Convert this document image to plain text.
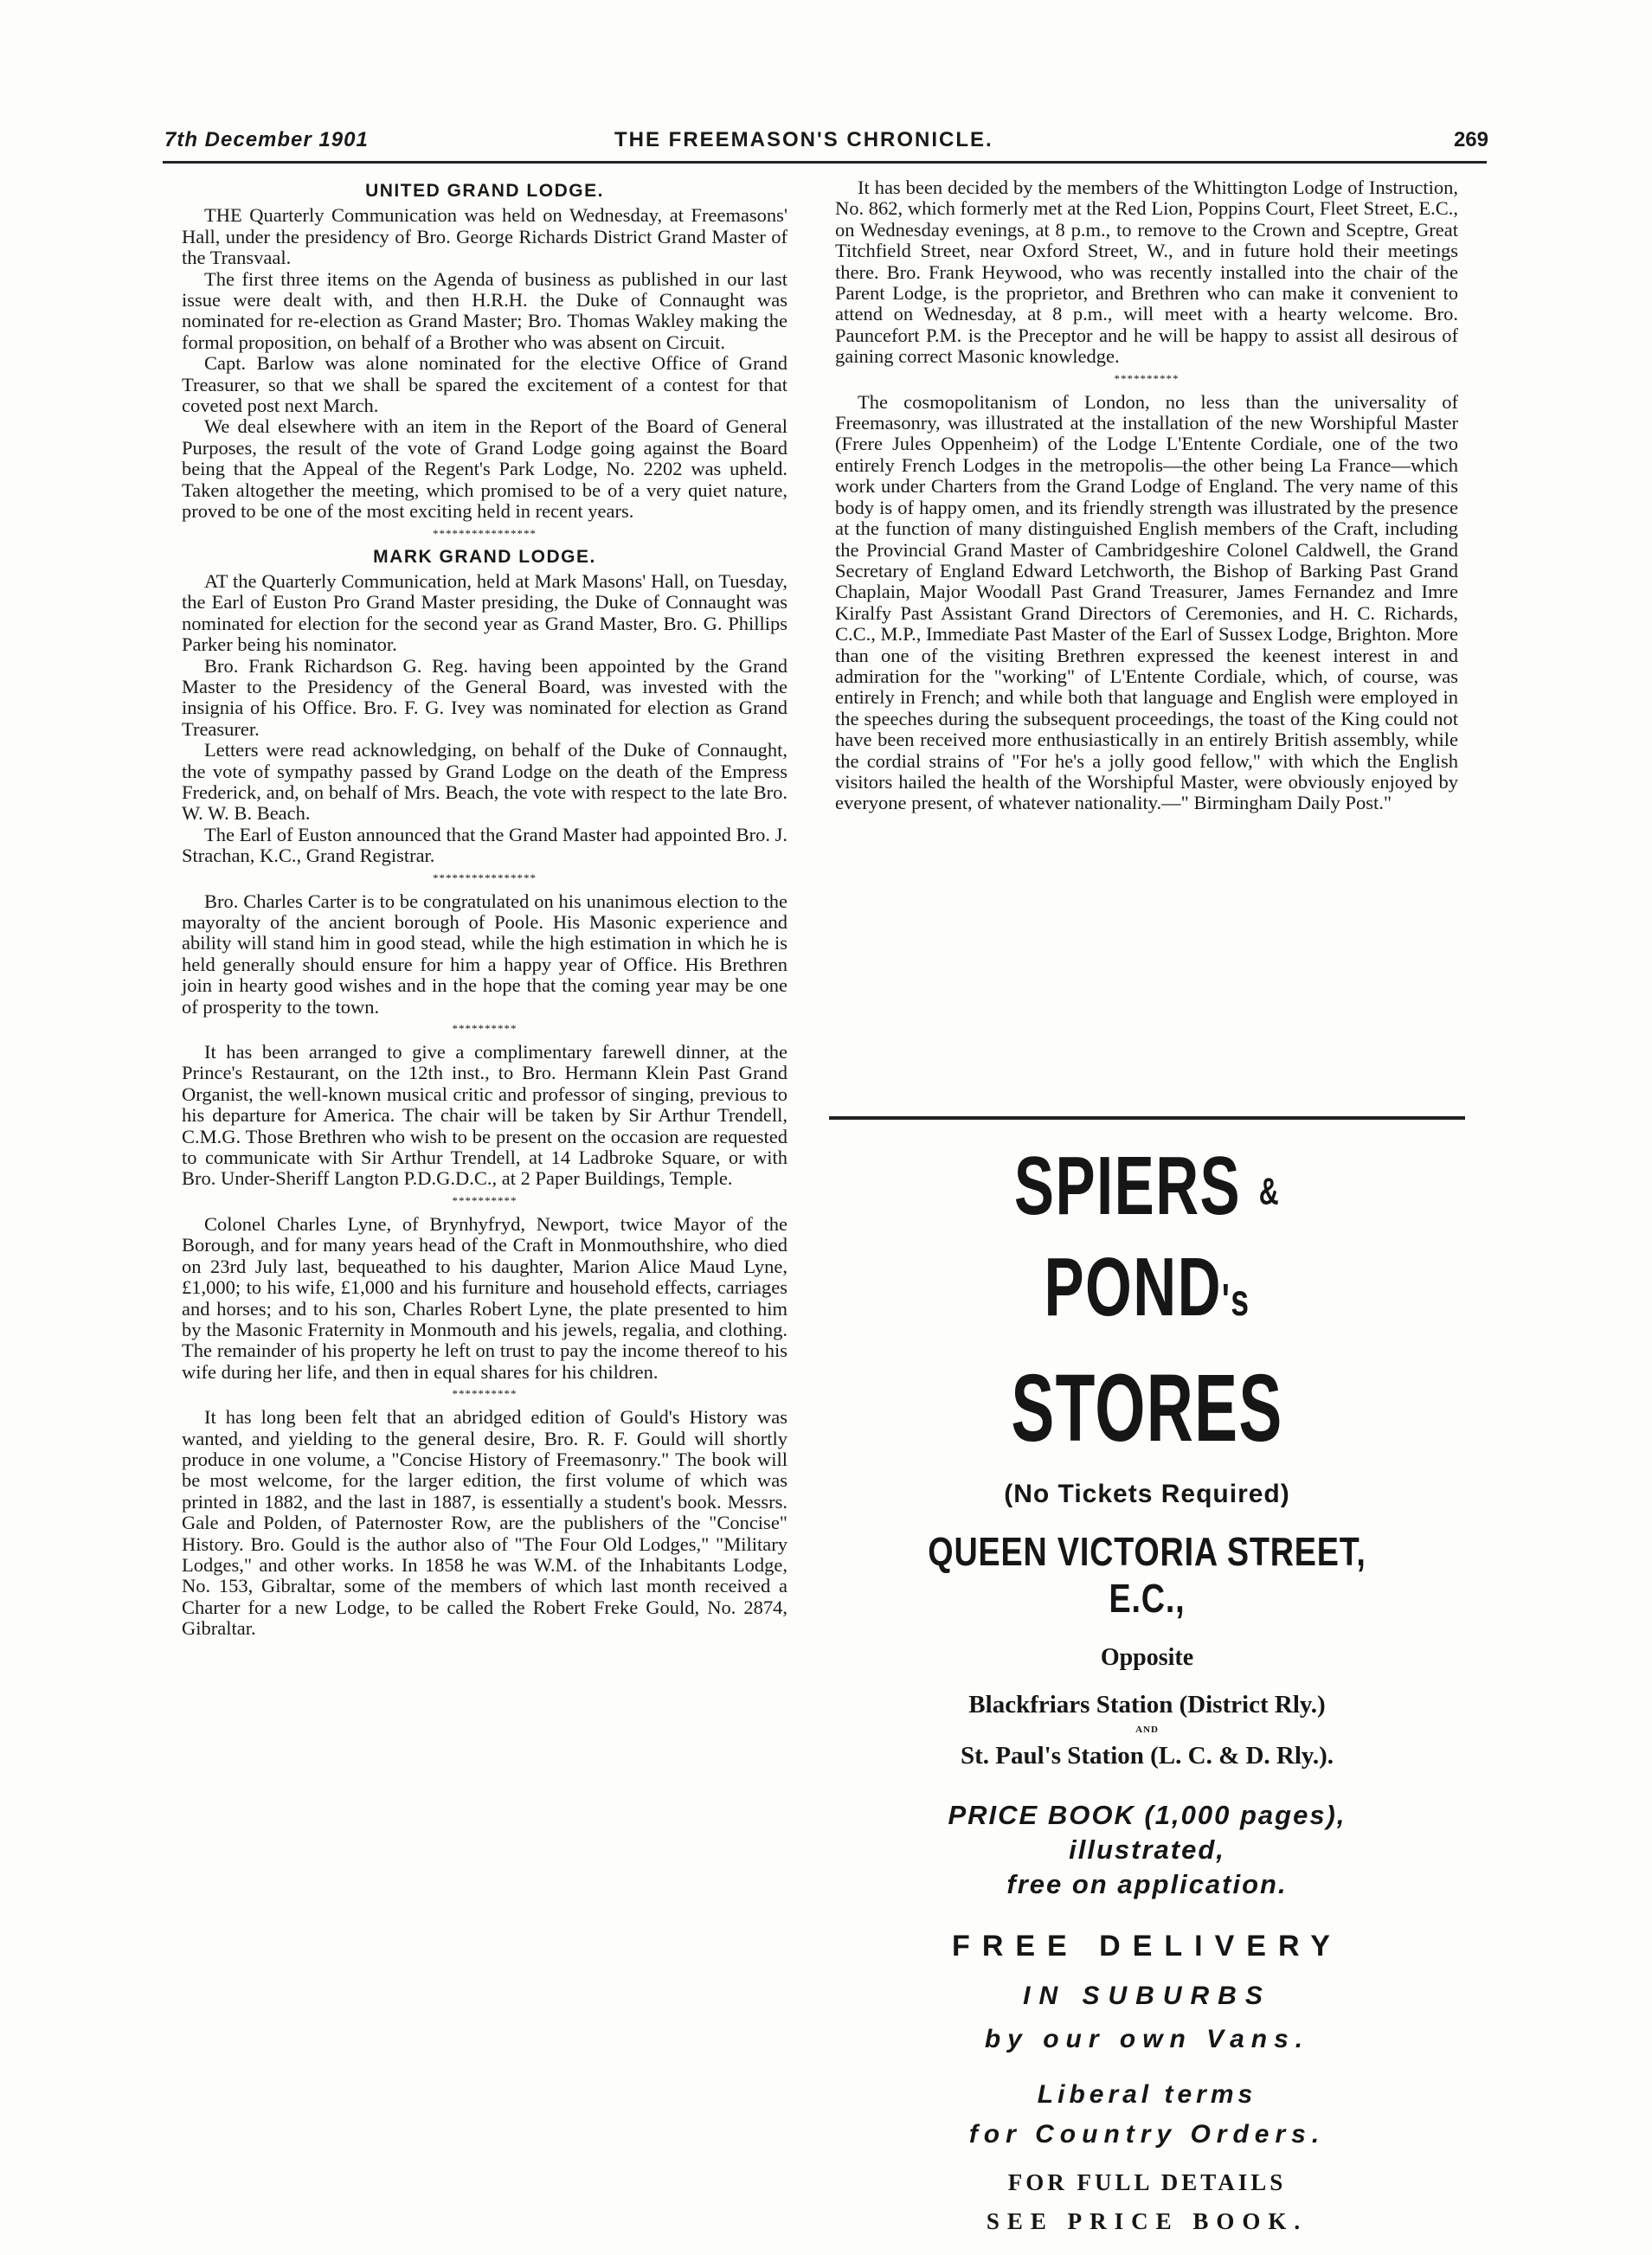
7th December 1901	THE FREEMASON'S CHRONICLE.	269
UNITED GRAND LODGE.

THE Quarterly Communication was held on Wednesday, at Freemasons' Hall, under the presidency of Bro. George Richards District Grand Master of the Transvaal.

The first three items on the Agenda of business as published in our last issue were dealt with, and then H.R.H. the Duke of Connaught was nominated for re-election as Grand Master; Bro. Thomas Wakley making the formal proposition, on behalf of a Brother who was absent on Circuit.

Capt. Barlow was alone nominated for the elective Office of Grand Treasurer, so that we shall be spared the excitement of a contest for that coveted post next March.

We deal elsewhere with an item in the Report of the Board of General Purposes, the result of the vote of Grand Lodge going against the Board being that the Appeal of the Regent's Park Lodge, No. 2202 was upheld. Taken altogether the meeting, which promised to be of a very quiet nature, proved to be one of the most exciting held in recent years.

****************
MARK GRAND LODGE.

AT the Quarterly Communication, held at Mark Masons' Hall, on Tuesday, the Earl of Euston Pro Grand Master presiding, the Duke of Connaught was nominated for election for the second year as Grand Master, Bro. G. Phillips Parker being his nominator.

Bro. Frank Richardson G. Reg. having been appointed by the Grand Master to the Presidency of the General Board, was invested with the insignia of his Office. Bro. F. G. Ivey was nominated for election as Grand Treasurer.

Letters were read acknowledging, on behalf of the Duke of Connaught, the vote of sympathy passed by Grand Lodge on the death of the Empress Frederick, and, on behalf of Mrs. Beach, the vote with respect to the late Bro. W. W. B. Beach.

The Earl of Euston announced that the Grand Master had appointed Bro. J. Strachan, K.C., Grand Registrar.

****************

Bro. Charles Carter is to be congratulated on his unanimous election to the mayoralty of the ancient borough of Poole. His Masonic experience and ability will stand him in good stead, while the high estimation in which he is held generally should ensure for him a happy year of Office. His Brethren join in hearty good wishes and in the hope that the coming year may be one of prosperity to the town.

**********

It has been arranged to give a complimentary farewell dinner, at the Prince's Restaurant, on the 12th inst., to Bro. Hermann Klein Past Grand Organist, the well-known musical critic and professor of singing, previous to his departure for America. The chair will be taken by Sir Arthur Trendell, C.M.G. Those Brethren who wish to be present on the occasion are requested to communicate with Sir Arthur Trendell, at 14 Ladbroke Square, or with Bro. Under-Sheriff Langton P.D.G.D.C., at 2 Paper Buildings, Temple.

**********

Colonel Charles Lyne, of Brynhyfryd, Newport, twice Mayor of the Borough, and for many years head of the Craft in Monmouthshire, who died on 23rd July last, bequeathed to his daughter, Marion Alice Maud Lyne, £1,000; to his wife, £1,000 and his furniture and household effects, carriages and horses; and to his son, Charles Robert Lyne, the plate presented to him by the Masonic Fraternity in Monmouth and his jewels, regalia, and clothing. The remainder of his property he left on trust to pay the income thereof to his wife during her life, and then in equal shares for his children.

**********

It has long been felt that an abridged edition of Gould's History was wanted, and yielding to the general desire, Bro. R. F. Gould will shortly produce in one volume, a "Concise History of Freemasonry." The book will be most welcome, for the larger edition, the first volume of which was printed in 1882, and the last in 1887, is essentially a student's book. Messrs. Gale and Polden, of Paternoster Row, are the publishers of the "Concise" History. Bro. Gould is the author also of "The Four Old Lodges," "Military Lodges," and other works. In 1858 he was W.M. of the Inhabitants Lodge, No. 153, Gibraltar, some of the members of which last month received a Charter for a new Lodge, to be called the Robert Freke Gould, No. 2874, Gibraltar.

It has been decided by the members of the Whittington Lodge of Instruction, No. 862, which formerly met at the Red Lion, Poppins Court, Fleet Street, E.C., on Wednesday evenings, at 8 p.m., to remove to the Crown and Sceptre, Great Titchfield Street, near Oxford Street, W., and in future hold their meetings there. Bro. Frank Heywood, who was recently installed into the chair of the Parent Lodge, is the proprietor, and Brethren who can make it convenient to attend on Wednesday, at 8 p.m., will meet with a hearty welcome. Bro. Pauncefort P.M. is the Preceptor and he will be happy to assist all desirous of gaining correct Masonic knowledge.

**********

The cosmopolitanism of London, no less than the universality of Freemasonry, was illustrated at the installation of the new Worshipful Master (Frere Jules Oppenheim) of the Lodge L'Entente Cordiale, one of the two entirely French Lodges in the metropolis—the other being La France—which work under Charters from the Grand Lodge of England. The very name of this body is of happy omen, and its friendly strength was illustrated by the presence at the function of many distinguished English members of the Craft, including the Provincial Grand Master of Cambridgeshire Colonel Caldwell, the Grand Secretary of England Edward Letchworth, the Bishop of Barking Past Grand Chaplain, Major Woodall Past Grand Treasurer, James Fernandez and Imre Kiralfy Past Assistant Grand Directors of Ceremonies, and H. C. Richards, C.C., M.P., Immediate Past Master of the Earl of Sussex Lodge, Brighton. More than one of the visiting Brethren expressed the keenest interest in and admiration for the "working" of L'Entente Cordiale, which, of course, was entirely in French; and while both that language and English were employed in the speeches during the subsequent proceedings, the toast of the King could not have been received more enthusiastically in an entirely British assembly, while the cordial strains of "For he's a jolly good fellow," with which the English visitors hailed the health of the Worshipful Master, were obviously enjoyed by everyone present, of whatever nationality.—" Birmingham Daily Post."

SPIERS & POND's
STORES
(No Tickets Required)
QUEEN VICTORIA STREET, E.C.,
Opposite
Blackfriars Station (District Rly.)
AND
St. Paul's Station (L. C. & D. Rly.).
PRICE BOOK (1,000 pages),
illustrated,
free on application.
FREE DELIVERY
IN SUBURBS
by our own Vans.
Liberal terms
for Country Orders.
FOR FULL DETAILS
SEE PRICE BOOK.
